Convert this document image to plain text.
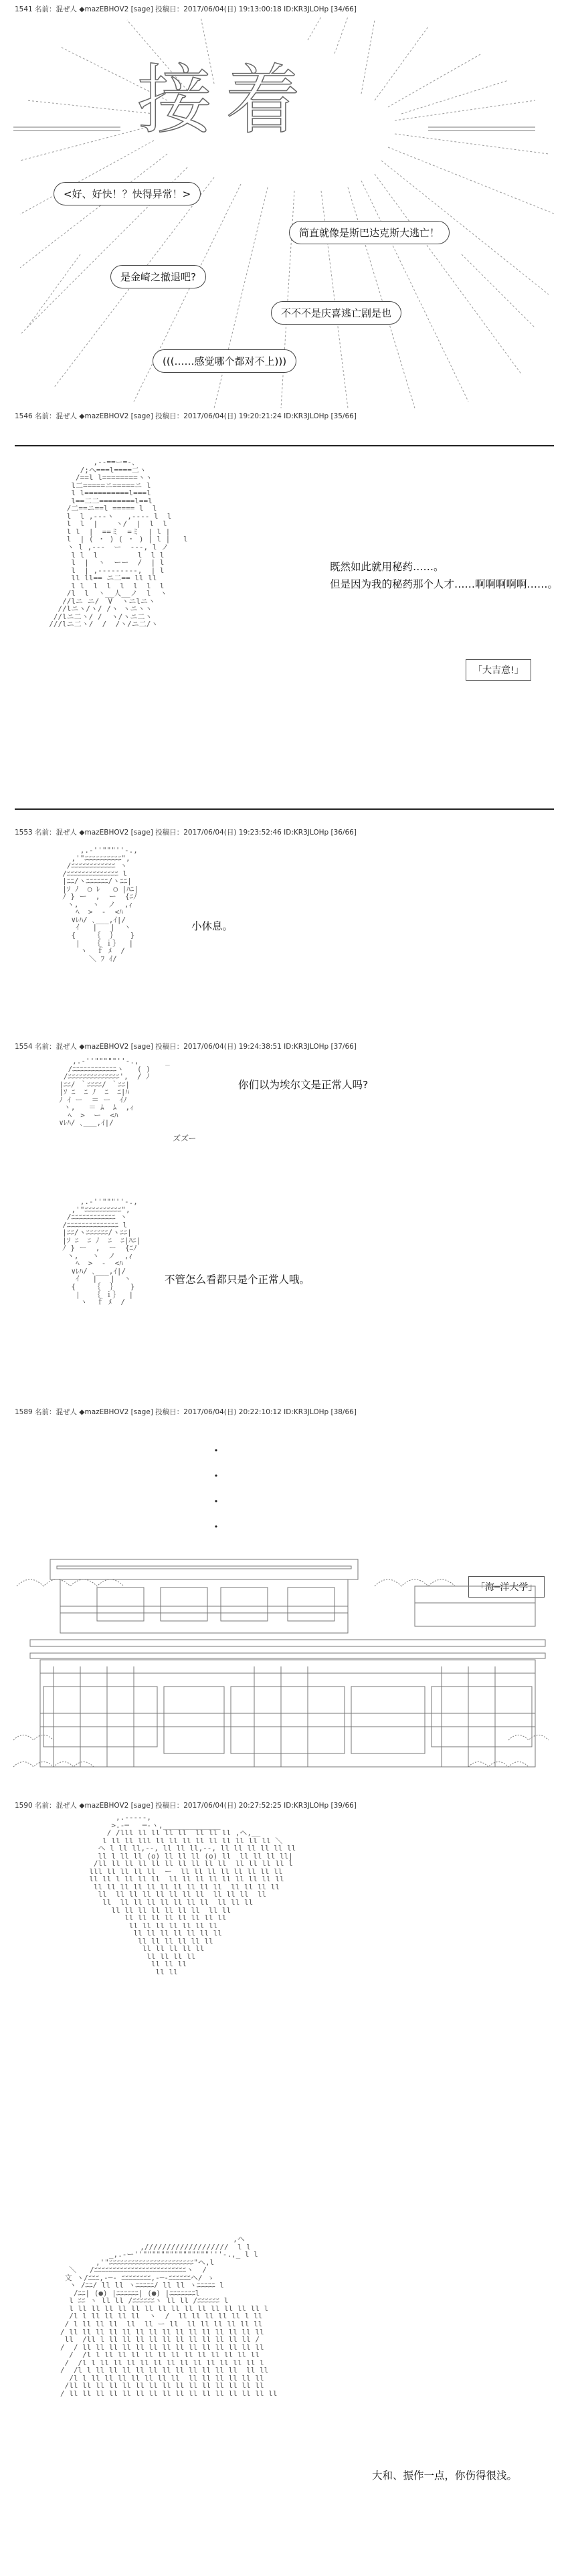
1541 名前：混ぜ人 ◆mazEBHOV2 [sage] 投稿日：2017/06/04(日) 19:13:00:18 ID:KR3JLOHp [34/66]
1546 名前：混ぜ人 ◆mazEBHOV2 [sage] 投稿日：2017/06/04(日) 19:20:21:24 ID:KR3JLOHp [35/66]
1553 名前：混ぜ人 ◆mazEBHOV2 [sage] 投稿日：2017/06/04(日) 19:23:52:46 ID:KR3JLOHp [36/66]
1554 名前：混ぜ人 ◆mazEBHOV2 [sage] 投稿日：2017/06/04(日) 19:24:38:51 ID:KR3JLOHp [37/66]
1589 名前：混ぜ人 ◆mazEBHOV2 [sage] 投稿日：2017/06/04(日) 20:22:10:12 ID:KR3JLOHp [38/66]
1590 名前：混ぜ人 ◆mazEBHOV2 [sage] 投稿日：2017/06/04(日) 20:27:52:25 ID:KR3JLOHp [39/66]
接着
<好、好快！？快得异常！>
简直就像是斯巴达克斯大逃亡！
是金崎之撤退吧?
不不不是庆喜逃亡剧是也
(((……感觉哪个都对不上)))
,--==ー=-、
/;ヘ===l====二ヽ
/==l l========ヽヽ
l二=====ニ=====ニ l
l l==========l===l
l==二二========l==l
/二==ニ==l ===== l  l
l  l ,---ヽ   ,---- l  l
l  l  |    ヽ/  |  l  l
l l  |  ==ミ  =ミ  | l |
l  | ( ・ ) ( ・ ) | l |   l
ヽ l ,---  ー  ---, l ノ
l l  l         l  l l
l  |  ヽ  ーー  /  | l
l  | ,---------,  | l
ll ll== ニ二== ll ll
l l  l  l  l  l  l  l
/l  l  ヽ__人__ノ  l  ヽ
//lニ ニ/  V  ヽニlニヽ
//lニヽ/ヽ/ /ヽ ヽニヽヽ
//lニ二ヽ/ /  ヽ/ヽニ二ヽ
///lニ二ヽ/  /  /ヽ/ニ二/ヽ
既然如此就用秘药……。
但是因为我的秘药那个人才……啊啊啊啊啊……。
「大吉意!」
,.-''"""''-.,
,'"ﾆﾆﾆﾆﾆﾆﾆﾆﾆﾆ",
/ﾆﾆﾆﾆﾆﾆﾆﾆﾆﾆﾆﾆ ヽ
/ﾆﾆﾆﾆﾆﾆﾆﾆﾆﾆﾆﾆﾆﾆ l
|ﾆﾆ/ヽﾆﾆﾆﾆﾆﾆ/ヽﾆﾆ|
|ｿ ﾉ  ○ ﾚ   ○ |ﾊﾆ|
ﾉ } ー  ,  ー  {ﾆﾉ
ヽ,   ヽ  ノ  ,ｨ
ﾍ  >  -  <ﾊ
∨ﾚﾊ/ ､___,ｲ|/
ｲ   |   |  ヽ
{    ｛  ｝   }
|   ｛ ｉ｝  |
ヽ  ｆ ﾒ  /
＼ ﾌ ｲ/
小休息。
,.-''"""""''-.,      _
/ﾆﾆﾆﾆﾆﾆﾆﾆﾆﾆﾆﾆヽ   ( )
/ﾆﾆﾆﾆﾆﾆﾆﾆﾆﾆﾆﾆﾆﾆ',  / ﾉ
|ﾆﾆ/ ｀ﾆﾆﾆﾆ/ ｀ﾆﾆ|
|ｿ ﾆ  ﾆ ﾉ  ﾆ  ﾆ|ﾊ
ﾉ ｲ ー  ＝ ー  ｲﾉ
ヽ,   ＝ ﾑ  ﾑ  ,ｨ
ﾍ  >  ー  <ﾊ
∨ﾚﾊ/ ､___,ｲ|/
你们以为埃尔文是正常人吗?
ズズー
,.-''"""''-.,
,'"ﾆﾆﾆﾆﾆﾆﾆﾆﾆﾆ",
/ﾆﾆﾆﾆﾆﾆﾆﾆﾆﾆﾆﾆ ヽ
/ﾆﾆﾆﾆﾆﾆﾆﾆﾆﾆﾆﾆﾆﾆ l
|ﾆﾆ/ヽﾆﾆﾆﾆﾆﾆ/ヽﾆﾆ|
|ｿ ﾆ  ﾆ ﾉ  ﾆ  ﾆ|ﾊﾆ|
ﾉ } ー  ,  ー  {ﾆﾉ
ヽ,   ヽ  ノ  ,ｨ
ﾍ  >  -  <ﾊ
∨ﾚﾊ/ ､___,ｲ|/
ｲ   |   |  ヽ
{    ｛  ｝   }
|   ｛ ｉ｝  |
ヽ  ｆ ﾒ  /
不管怎么看都只是个正常人哦。
・
・
・
・
「海─洋大学」
,.-----,
>.-─   ─-ヽ,_____________
/ /lll ll ll ll ll  ll ll ll ,ヘ,__
l ll ll lll ll ll ll ll ll ll ll ll ll ＼
ヘ l ll ll,--, ll ll ll,--, ll ll ll ll ll ll
ll l ll ll (o) ll ll ll (o) ll  ll ll ll ll|
/ll ll ll ll ll ll ll ll ll ll  ll ll ll ll l
lll ll ll ll ll  ー  ll ll ll ll ll ll ll ll
ll ll l ll ll ll  ll ll ll ll ll ll ll ll ll
ll ll ll ll ll ll ll ll ll ll  ll ll ll ll
ll  ll ll ll ll ll ll ll  ll ll ll  ll
ll  ll ll ll ll ll ll ll  ll ll ll
ll ll ll ll ll ll ll  ll ll
ll ll ll ll ll ll ll ll
ll ll ll ll ll ll ll
ll ll ll ll ll ll ll
ll ll ll ll ll ll
ll ll ll ll ll
ll ll ll ll
ll ll ll
ll ll
,ヘ
,///////////////////  l l
_,.-ー''"""""""""""""""'''-.,_ l l
,'"ﾆﾆﾆﾆﾆﾆﾆﾆﾆﾆﾆﾆﾆﾆﾆﾆﾆﾆﾆﾆﾆﾆﾆ"ヘ,l
＼   /ﾆﾆﾆﾆﾆﾆﾆﾆﾆﾆﾆﾆﾆﾆﾆﾆﾆﾆﾆﾆﾆﾆﾆﾆﾆヽ  /
文 ヽ/ﾆﾆﾆ,-─- ﾆﾆﾆﾆﾆﾆﾆﾆ,-─-ﾆﾆﾆﾆﾆﾆヘ/ ゝ
ヽ /ﾆﾆ/ ll ll ヽﾆﾆﾆﾆﾆ/ ll ll ヽﾆﾆﾆﾆﾆ l
/ﾆﾆ| (●) |ﾆﾆﾆﾆﾆﾆ| (●) |ﾆﾆﾆﾆﾆﾆﾆl
l ﾆﾆ ヽ ll ll /ﾆﾆﾆﾆﾆﾆヽ ll ll /ﾆﾆﾆﾆﾆﾆ l
l ll ll ll ll ll ll ll ll ll ll ll ll ll ll l
/l l ll ll ll ll  ヽ  /  ll ll ll ll ll l ll
/ l ll ll ll  ll  ll ー ll  ll ll ll ll ll ll
/ ll ll ll ll ll ll ll ll ll ll ll ll ll ll ll
ll  /ll l ll ll ll ll ll ll ll ll ll ll ll /
/  / ll ll ll ll ll ll ll ll ll ll ll ll ll ll
/  /l l ll ll ll ll ll ll ll ll ll ll ll ll
/  /l l ll ll ll ll ll ll ll ll ll ll ll ll l
/  /l l ll ll ll ll ll ll ll ll ll ll ll  ll ll
/l l ll ll ll ll ll ll ll  ll ll ll ll ll ll
/ll ll ll ll ll ll ll ll ll ll ll ll ll ll ll
/ ll ll ll ll ll ll ll ll ll ll ll ll ll ll ll ll
大和、振作一点，你伤得很浅。
